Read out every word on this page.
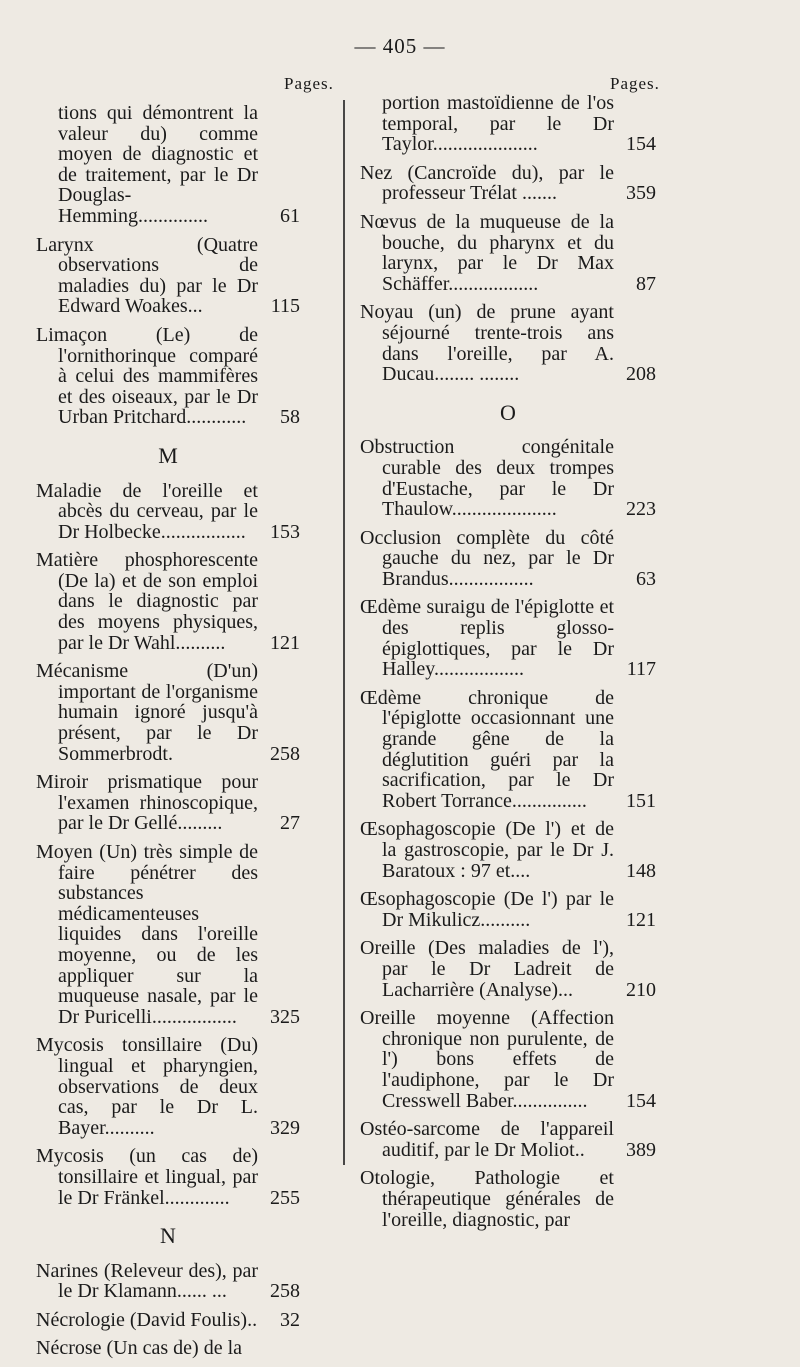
— 405 —
Pages.	Pages.
tions qui démontrent la valeur du) comme moyen de diagnostic et de traitement, par le Dr Douglas-Hemming..............	61
Larynx (Quatre observations de maladies du) par le Dr Edward Woakes...	115
Limaçon (Le) de l'ornithorinque comparé à celui des mammifères et des oiseaux, par le Dr Urban Pritchard............ 58
M
Maladie de l'oreille et abcès du cerveau, par le Dr Holbecke................. 153
Matière phosphorescente (De la) et de son emploi dans le diagnostic par des moyens physiques, par le Dr Wahl.......... 121
Mécanisme (D'un) important de l'organisme humain ignoré jusqu'à présent, par le Dr Sommerbrodt.	258
Miroir prismatique pour l'examen rhinoscopique, par le Dr Gellé.........	27
Moyen (Un) très simple de faire pénétrer des substances médicamenteuses liquides dans l'oreille moyenne, ou de les appliquer sur la muqueuse nasale, par le Dr Puricelli................. 325
Mycosis tonsillaire (Du) lingual et pharyngien, observations de deux cas, par le Dr L. Bayer..........	329
Mycosis (un cas de) tonsillaire et lingual, par le Dr Fränkel............. 255
N
Narines (Releveur des), par le Dr Klamann...... ... 258
Nécrologie (David Foulis).. 32
Nécrose (Un cas de) de la
portion mastoïdienne de l'os temporal, par le Dr Taylor.....................	154
Nez (Cancroïde du), par le professeur Trélat .......	359
Nœvus de la muqueuse de la bouche, du pharynx et du larynx, par le Dr Max Schäffer..................	87
Noyau (un) de prune ayant séjourné trente-trois ans dans l'oreille, par A. Ducau........ ........	208
O
Obstruction congénitale curable des deux trompes d'Eustache, par le Dr Thaulow.....................	223
Occlusion complète du côté gauche du nez, par le Dr Brandus.................	63
Œdème suraigu de l'épiglotte et des replis glosso-épiglottiques, par le Dr Halley..................	117
Œdème chronique de l'épiglotte occasionnant une grande gêne de la déglutition guéri par la sacrification, par le Dr Robert Torrance............... 151
Œsophagoscopie (De l') et de la gastroscopie, par le Dr J. Baratoux : 97 et....	148
Œsophagoscopie (De l') par le Dr Mikulicz..........	121
Oreille (Des maladies de l'), par le Dr Ladreit de Lacharrière (Analyse)...	210
Oreille moyenne (Affection chronique non purulente, de l') bons effets de l'audiphone, par le Dr Cresswell Baber............... 154
Ostéo-sarcome de l'appareil auditif, par le Dr Moliot.. 389
Otologie, Pathologie et thérapeutique générales de l'oreille, diagnostic, par
